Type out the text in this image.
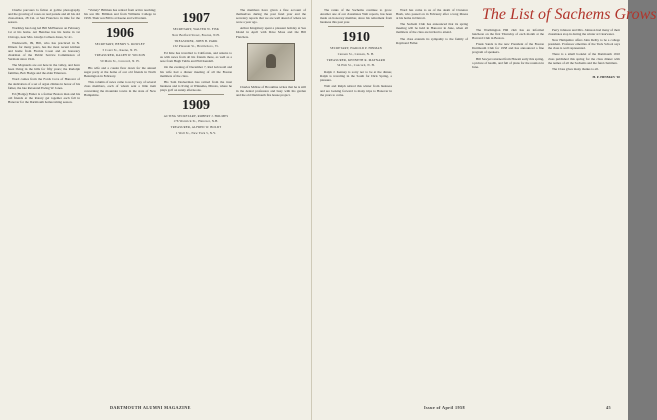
Charlie parcours la fulton at gobbe photography and the growing of roses on real parade and all his old class-mates, 28 Cal. at San Francisco in time for the season.

Worthley has long led Bill McPherson on February 1st at his home. Art Hendree has his home in 1st Chicago, near Mrs. Gladys Colleen Jones, Sc 41.

Wadsworth, 99, Bill, who has practiced in N. Illinois for many years, has the most recent kitchen and home from Florida Coast and an honorary chairman of the Public Service Commission of Vermont since 1941.

The Maynards are out here in the valley, and have been living in the hills for fifty years; the Rudolph families, Bob Hodge and the elder Emerson.

Word comes from the Fords Cove of Hanover of the dedication of a set of organ chimes in honor of his father, the late Reverend Ewing W. Jones.

Ed (Hodge) Fisher is a former Boston man and his old friends at the Rotary get together each fall in Hanover for the Dartmouth homecoming season.

"Variety" Billman has retired from active teaching; his son Mr. Billman and from Williams College in 1958. Their son Bill is at Keene and will return.

1906
SECRETARY, HENRY S. ROWLEY
3 Court St., Keene, N. H.
TREASURER, RALPH W. WILSON
50 Main St., Concord, N. H.

His wife and a cousin flew down for the annual sugar party at the home of our old friends in North Bennington in February.

This column of news came to us by way of several class members, each of whom sent a little item concerning the mountain towns in the state of New Hampshire.

1907
SECRETARY, WALTER W. FISK
New Bedford Street, Boston, N.H.
TREASURER, JOHN B. PARK
132 Pleasant St., Brattleboro, Vt.

Ed Kite has travelled to California, and returns to us with news from all his friends there, as well as a note from Hugh Tubbs and Phil Kendall.

On the evening of December 7, Red Griswold and his wife had a dinner meeting of all the Boston members of the class.

His Sam Deckerman has retired from the trust business and is living at Winnetka, Illinois, where he plays golf on sunny afternoons.

1909
ACTING SECRETARY, ROBERT J. HOLMES
176 Warwick St., Hanover, N.H.
TREASURER, ALFRED W. BOLDT
1 Wall St., New York 5, N.Y.

The members have given a fine account of themselves during the past fund year and the secretary reports that we are well ahead of where we were a year ago.

Arthur Kingsbury spent a pleasant holiday at Sea Island in April with Dave Moss and the Bill Fletchers.

Charles McRae of Brookline writes that he is still in the dental profession and busy with his garden and the old Dartmouth fire house project.

DARTMOUTH ALUMNI MAGAZINE
The List of Sachems Grows

The ranks of the Sachems continue to grow. Another one of our classmates Walt reports, has been made an honorary member, since his retirement from business this past year.

1910
SECRETARY, HAROLD P. HINMAN
Canaan St., Canaan, N. H.
TREASURER, KENNETH R. MAYNARD
54 Elm St., Concord, N. H.

Ralph J. Kenney is sorry not to be at the dinner, Ralph is traveling in the South for Dick Spring, a pleasure.

Walt and Ralph retired this winter from business and are looking forward to many trips to Hanover in the years to come.

Word has come to us of the death of Clarence Bush, who passed on in February after a long illness at his home in Detroit.

The Sachem Club has announced that its spring meeting will be held in Hanover in June, when all members of the class are invited to attend.

The class extends its sympathy to the family of Raymond Fuller.

The Worthington Hill club has an informal luncheon on the first Thursday of each month at the Harvard Club in Boston.

Frank Sands is the new President of the Boston Dartmouth Club for 1958 and has announced a fine program of speakers.

Bill Sawyer returned from Hawaii early this spring, a picture of health, and full of plans for the reunion in June.

Perry Johnson and Mrs. Johnson had many of their classmates stop in during the winter at Clearwater.

New Hampshire offers John Delby to be a college president. Professor emeritus of the Tuck School says the class is well represented.

There is a small booklet of the Dartmouth 1910 class published this spring for the class dinner with the names of all the Sachems and the fund chairmen.

The Class gives many thanks to all.

H. F. HINMAN '10
Issue of April 1958	45
